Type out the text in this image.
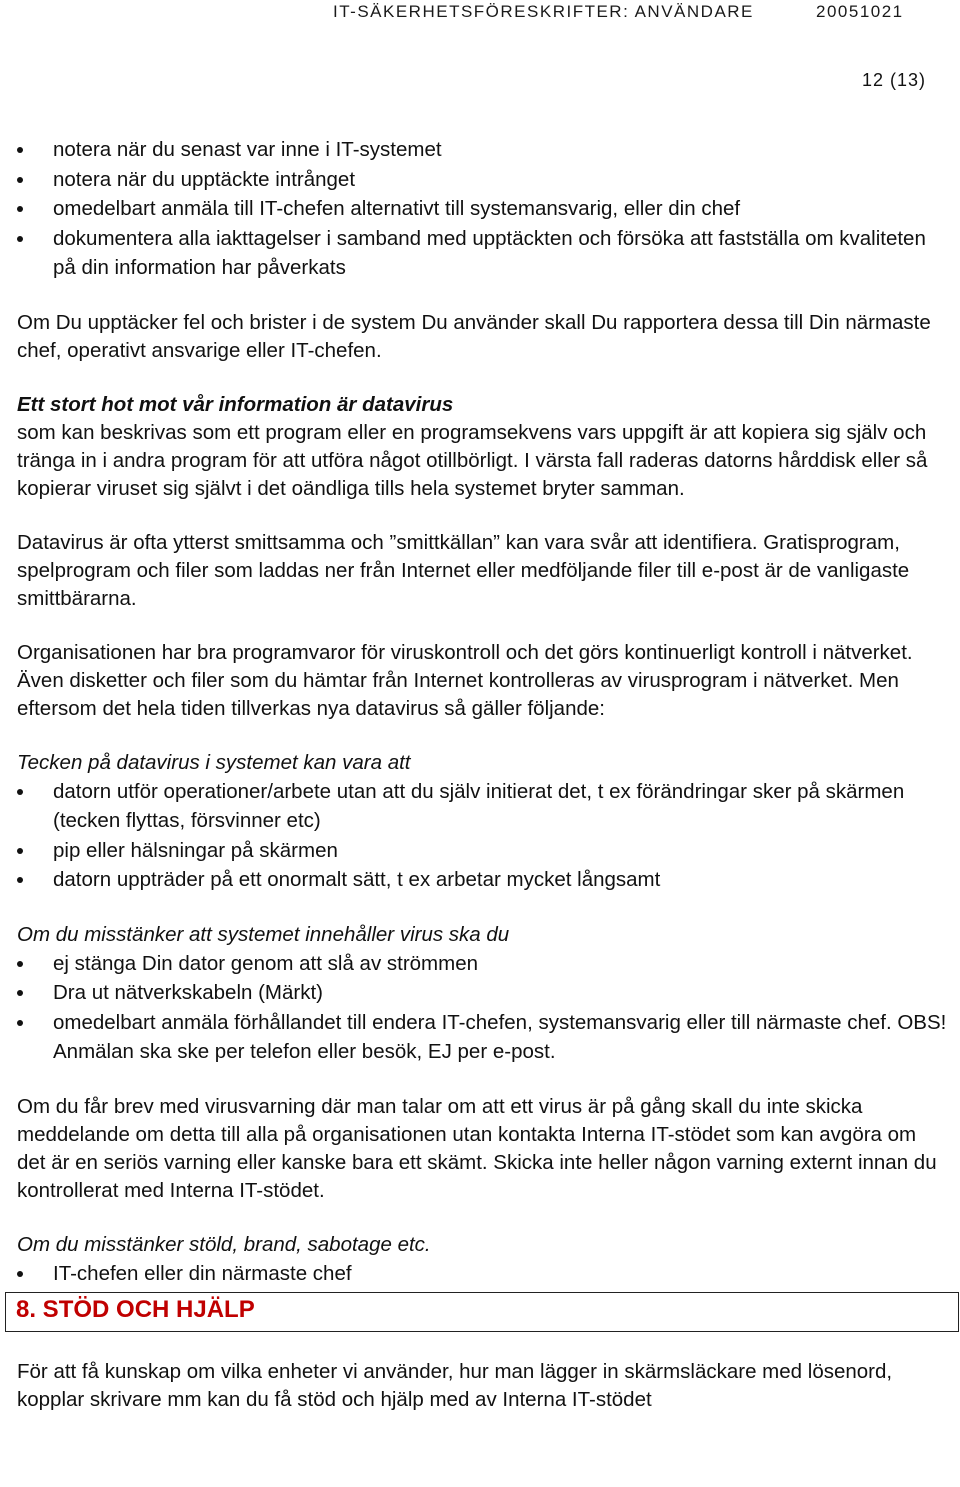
IT-SÄKERHETSFÖRESKRIFTER: ANVÄNDARE	20051021
12 (13)
notera när du senast var inne i IT-systemet
notera när du upptäckte intrånget
omedelbart anmäla till IT-chefen alternativt till systemansvarig, eller din chef
dokumentera alla iakttagelser i samband med upptäckten och försöka att fastställa om kvaliteten på din information har påverkats

Om Du upptäcker fel och brister i de system Du använder skall Du rapportera dessa till Din närmaste chef, operativt ansvarige eller IT-chefen.

Ett stort hot mot vår information är datavirus

som kan beskrivas som ett program eller en programsekvens vars uppgift är att kopiera sig själv och tränga in i andra program för att utföra något otillbörligt. I värsta fall raderas datorns hårddisk eller så kopierar viruset sig självt i det oändliga tills hela systemet bryter samman.

Datavirus är ofta ytterst smittsamma och ”smittkällan” kan vara svår att identifiera. Gratisprogram, spelprogram och filer som laddas ner från Internet eller medföljande filer till e-post är de vanligaste smittbärarna.

Organisationen har bra programvaror för viruskontroll och det görs kontinuerligt kontroll i nätverket. Även disketter och filer som du hämtar från Internet kontrolleras av virusprogram i nätverket. Men eftersom det hela tiden tillverkas nya datavirus så gäller följande:

Tecken på datavirus i systemet kan vara att

datorn utför operationer/arbete utan att du själv initierat det, t ex förändringar sker på skärmen (tecken flyttas, försvinner etc)
pip eller hälsningar på skärmen
datorn uppträder på ett onormalt sätt, t ex arbetar mycket långsamt

Om du misstänker att systemet innehåller virus ska du

ej stänga Din dator genom att slå av strömmen
Dra ut nätverkskabeln (Märkt)
omedelbart anmäla förhållandet till endera IT-chefen, systemansvarig eller till närmaste chef. OBS! Anmälan ska ske per telefon eller besök, EJ per e-post.

Om du får brev med virusvarning där man talar om att ett virus är på gång skall du inte skicka meddelande om detta till alla på organisationen utan kontakta Interna IT-stödet som kan avgöra om det är en seriös varning eller kanske bara ett skämt. Skicka inte heller någon varning externt innan du kontrollerat med Interna IT-stödet.

Om du misstänker stöld, brand, sabotage etc.

IT-chefen eller din närmaste chef
8. STÖD OCH HJÄLP

För att få kunskap om vilka enheter vi använder, hur man lägger in skärmsläckare med lösenord, kopplar skrivare mm kan du få stöd och hjälp med av Interna IT-stödet
